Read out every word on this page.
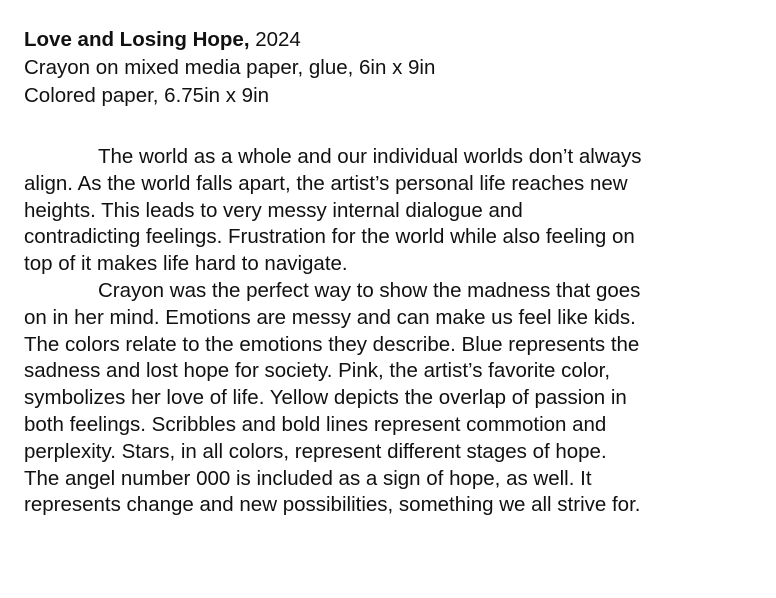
Love and Losing Hope, 2024
Crayon on mixed media paper, glue, 6in x 9in
Colored paper, 6.75in x 9in
The world as a whole and our individual worlds don’t always
align. As the world falls apart, the artist’s personal life reaches new
heights. This leads to very messy internal dialogue and
contradicting feelings. Frustration for the world while also feeling on
top of it makes life hard to navigate.
Crayon was the perfect way to show the madness that goes
on in her mind. Emotions are messy and can make us feel like kids.
The colors relate to the emotions they describe. Blue represents the
sadness and lost hope for society. Pink, the artist’s favorite color,
symbolizes her love of life. Yellow depicts the overlap of passion in
both feelings. Scribbles and bold lines represent commotion and
perplexity. Stars, in all colors, represent different stages of hope.
The angel number 000 is included as a sign of hope, as well. It
represents change and new possibilities, something we all strive for.
